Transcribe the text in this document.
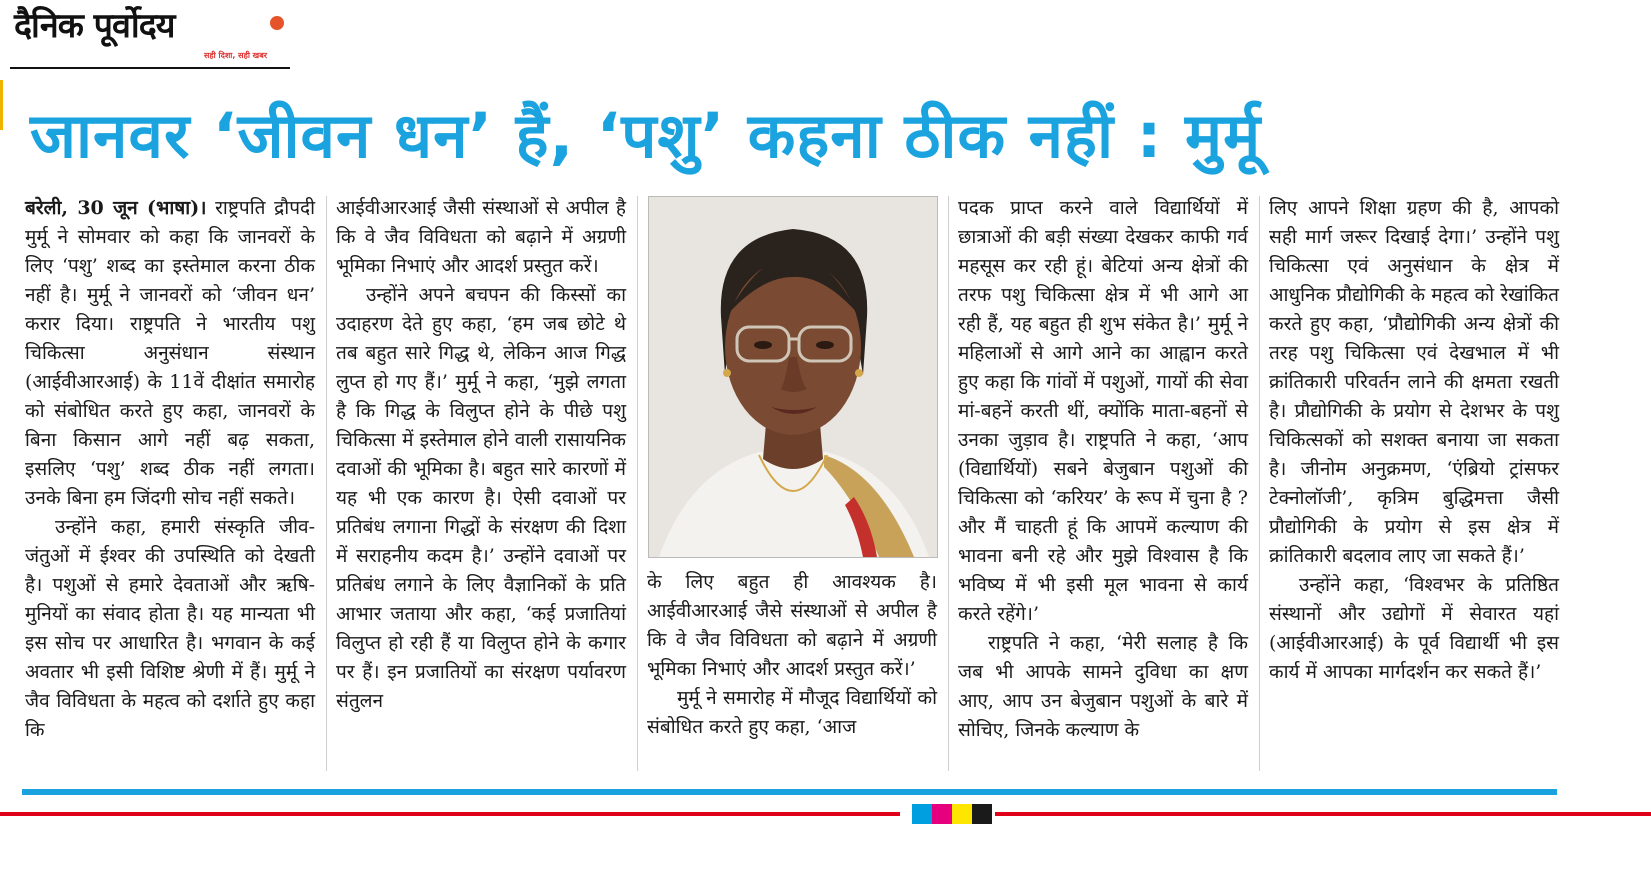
दैनिक पूर्वोदय
सही दिशा, सही खबर
जानवर ‘जीवन धन’ हैं, ‘पशु’ कहना ठीक नहीं : मुर्मू

बरेली, 30 जून (भाषा)। राष्ट्रपति द्रौपदी मुर्मू ने सोमवार को कहा कि जानवरों के लिए ‘पशु’ शब्द का इस्तेमाल करना ठीक नहीं है। मुर्मू ने जानवरों को ‘जीवन धन’ करार दिया। राष्ट्रपति ने भारतीय पशु चिकित्सा अनुसंधान संस्थान (आईवीआरआई) के 11वें दीक्षांत समारोह को संबोधित करते हुए कहा, जानवरों के बिना किसान आगे नहीं बढ़ सकता, इसलिए ‘पशु’ शब्द ठीक नहीं लगता। उनके बिना हम जिंदगी सोच नहीं सकते।

उन्होंने कहा, हमारी संस्कृति जीव-जंतुओं में ईश्वर की उपस्थिति को देखती है। पशुओं से हमारे देवताओं और ऋषि-मुनियों का संवाद होता है। यह मान्यता भी इस सोच पर आधारित है। भगवान के कई अवतार भी इसी विशिष्ट श्रेणी में हैं। मुर्मू ने जैव विविधता के महत्व को दर्शाते हुए कहा कि

आईवीआरआई जैसी संस्थाओं से अपील है कि वे जैव विविधता को बढ़ाने में अग्रणी भूमिका निभाएं और आदर्श प्रस्तुत करें।

उन्होंने अपने बचपन की किस्सों का उदाहरण देते हुए कहा, ‘हम जब छोटे थे तब बहुत सारे गिद्ध थे, लेकिन आज गिद्ध लुप्त हो गए हैं।’ मुर्मू ने कहा, ‘मुझे लगता है कि गिद्ध के विलुप्त होने के पीछे पशु चिकित्सा में इस्तेमाल होने वाली रासायनिक दवाओं की भूमिका है। बहुत सारे कारणों में यह भी एक कारण है। ऐसी दवाओं पर प्रतिबंध लगाना गिद्धों के संरक्षण की दिशा में सराहनीय कदम है।’ उन्होंने दवाओं पर प्रतिबंध लगाने के लिए वैज्ञानिकों के प्रति आभार जताया और कहा, ‘कई प्रजातियां विलुप्त हो रही हैं या विलुप्त होने के कगार पर हैं। इन प्रजातियों का संरक्षण पर्यावरण संतुलन

के लिए बहुत ही आवश्यक है। आईवीआरआई जैसे संस्थाओं से अपील है कि वे जैव विविधता को बढ़ाने में अग्रणी भूमिका निभाएं और आदर्श प्रस्तुत करें।’

मुर्मू ने समारोह में मौजूद विद्यार्थियों को संबोधित करते हुए कहा, ‘आज

पदक प्राप्त करने वाले विद्यार्थियों में छात्राओं की बड़ी संख्या देखकर काफी गर्व महसूस कर रही हूं। बेटियां अन्य क्षेत्रों की तरफ पशु चिकित्सा क्षेत्र में भी आगे आ रही हैं, यह बहुत ही शुभ संकेत है।’ मुर्मू ने महिलाओं से आगे आने का आह्वान करते हुए कहा कि गांवों में पशुओं, गायों की सेवा मां-बहनें करती थीं, क्योंकि माता-बहनों से उनका जुड़ाव है। राष्ट्रपति ने कहा, ‘आप (विद्यार्थियों) सबने बेजुबान पशुओं की चिकित्सा को ‘करियर’ के रूप में चुना है ? और मैं चाहती हूं कि आपमें कल्याण की भावना बनी रहे और मुझे विश्वास है कि भविष्य में भी इसी मूल भावना से कार्य करते रहेंगे।’

राष्ट्रपति ने कहा, ‘मेरी सलाह है कि जब भी आपके सामने दुविधा का क्षण आए, आप उन बेजुबान पशुओं के बारे में सोचिए, जिनके कल्याण के

लिए आपने शिक्षा ग्रहण की है, आपको सही मार्ग जरूर दिखाई देगा।’ उन्होंने पशु चिकित्सा एवं अनुसंधान के क्षेत्र में आधुनिक प्रौद्योगिकी के महत्व को रेखांकित करते हुए कहा, ‘प्रौद्योगिकी अन्य क्षेत्रों की तरह पशु चिकित्सा एवं देखभाल में भी क्रांतिकारी परिवर्तन लाने की क्षमता रखती है। प्रौद्योगिकी के प्रयोग से देशभर के पशु चिकित्सकों को सशक्त बनाया जा सकता है। जीनोम अनुक्रमण, ‘एंब्रियो ट्रांसफर टेक्नोलॉजी’, कृत्रिम बुद्धिमत्ता जैसी प्रौद्योगिकी के प्रयोग से इस क्षेत्र में क्रांतिकारी बदलाव लाए जा सकते हैं।’

उन्होंने कहा, ‘विश्वभर के प्रतिष्ठित संस्थानों और उद्योगों में सेवारत यहां (आईवीआरआई) के पूर्व विद्यार्थी भी इस कार्य में आपका मार्गदर्शन कर सकते हैं।’
